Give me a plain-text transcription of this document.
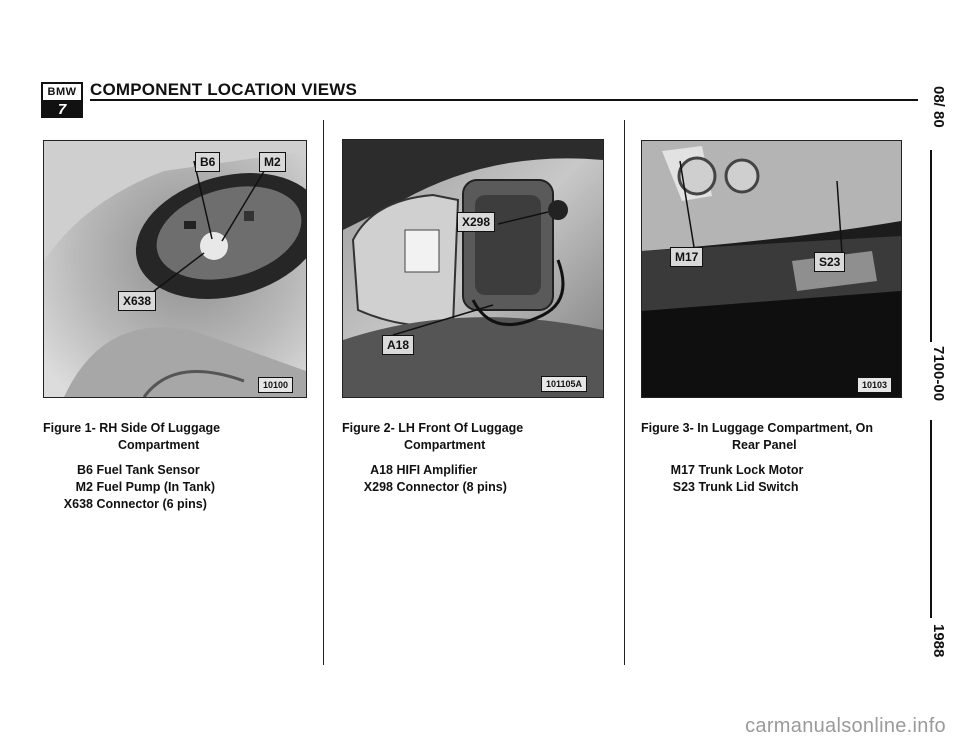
BMW
7
COMPONENT LOCATION VIEWS
B6	M2
X638
10100
X298
A18
101105A
M17	S23
10103
Figure 1- RH Side Of Luggage
Compartment
B6 Fuel Tank Sensor
M2 Fuel Pump (In Tank)
X638 Connector (6 pins)
Figure 2- LH Front Of Luggage
Compartment
A18 HIFI Amplifier
X298 Connector (8 pins)
Figure 3- In Luggage Compartment, On
Rear Panel
M17 Trunk Lock Motor
S23 Trunk Lid Switch
08/ 80
7100-00
1988
carmanualsonline.info
